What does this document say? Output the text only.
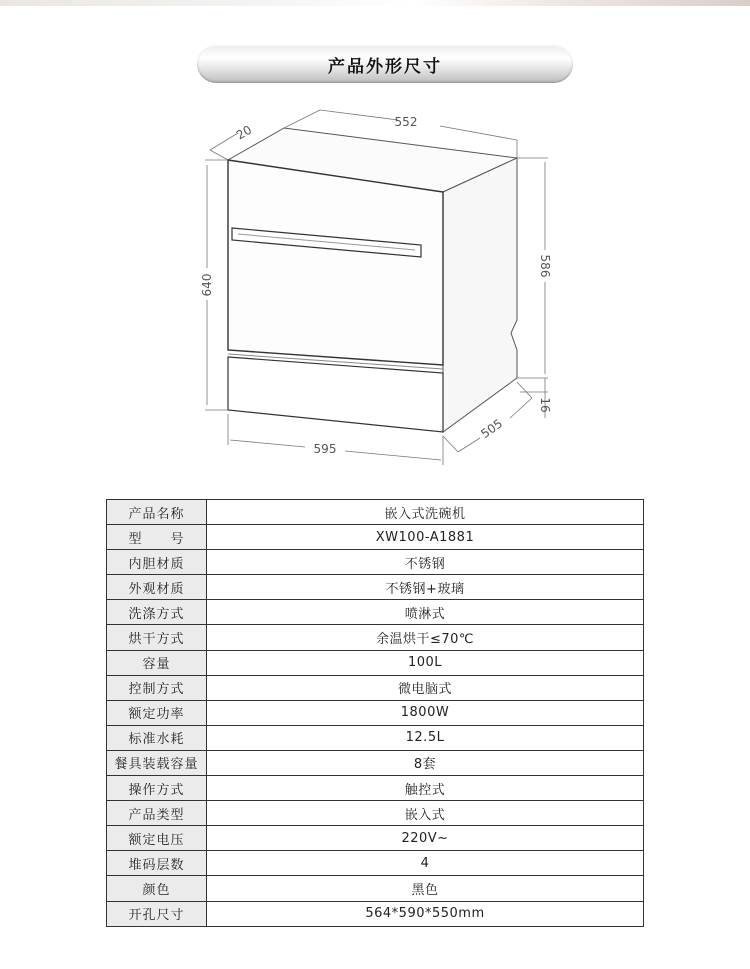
产品外形尺寸
552
20
640
586
16
595
505
产品名称	嵌入式洗碗机
型　　号	XW100-A1881
内胆材质	不锈钢
外观材质	不锈钢+玻璃
洗涤方式	喷淋式
烘干方式	余温烘干≤70℃
容量	100L
控制方式	微电脑式
额定功率	1800W
标准水耗	12.5L
餐具装载容量	8套
操作方式	触控式
产品类型	嵌入式
额定电压	220V~
堆码层数	4
颜色	黑色
开孔尺寸	564*590*550mm
